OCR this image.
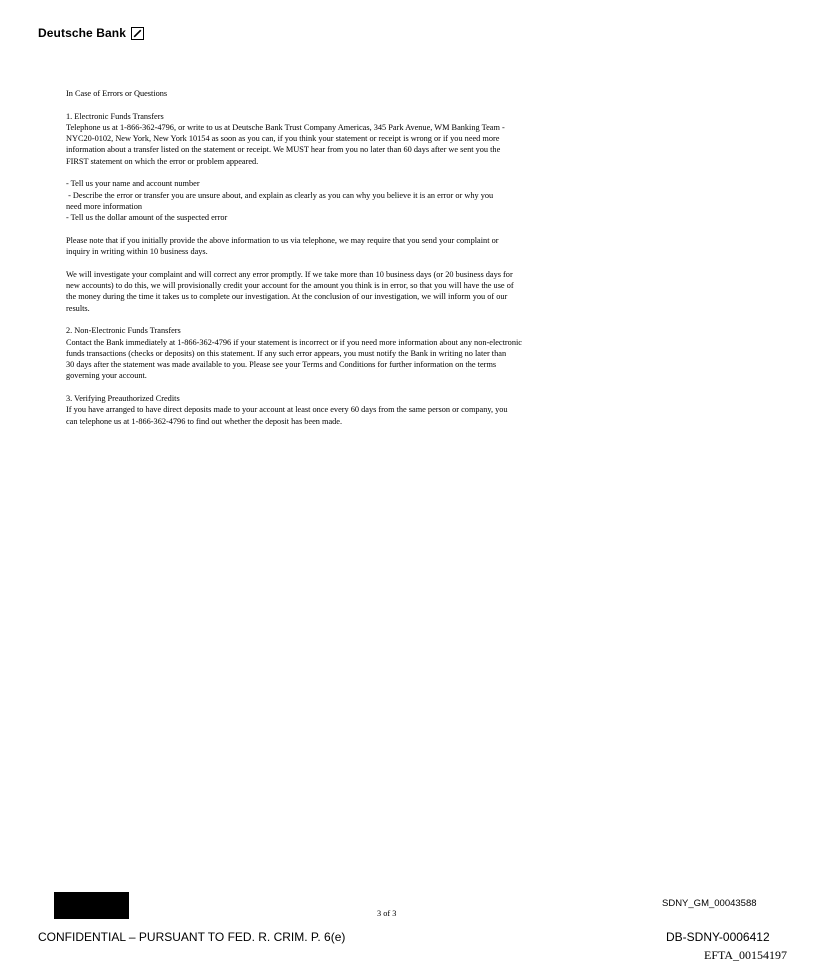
Deutsche Bank
In Case of Errors or Questions
1. Electronic Funds Transfers
Telephone us at 1-866-362-4796, or write to us at Deutsche Bank Trust Company Americas, 345 Park Avenue, WM Banking Team -
NYC20-0102, New York, New York 10154 as soon as you can, if you think your statement or receipt is wrong or if you need more
information about a transfer listed on the statement or receipt. We MUST hear from you no later than 60 days after we sent you the
FIRST statement on which the error or problem appeared.
- Tell us your name and account number
- Describe the error or transfer you are unsure about, and explain as clearly as you can why you believe it is an error or why you
need more information
- Tell us the dollar amount of the suspected error
Please note that if you initially provide the above information to us via telephone, we may require that you send your complaint or
inquiry in writing within 10 business days.
We will investigate your complaint and will correct any error promptly. If we take more than 10 business days (or 20 business days for
new accounts) to do this, we will provisionally credit your account for the amount you think is in error, so that you will have the use of
the money during the time it takes us to complete our investigation. At the conclusion of our investigation, we will inform you of our
results.
2. Non-Electronic Funds Transfers
Contact the Bank immediately at 1-866-362-4796 if your statement is incorrect or if you need more information about any non-electronic
funds transactions (checks or deposits) on this statement. If any such error appears, you must notify the Bank in writing no later than
30 days after the statement was made available to you. Please see your Terms and Conditions for further information on the terms
governing your account.
3. Verifying Preauthorized Credits
If you have arranged to have direct deposits made to your account at least once every 60 days from the same person or company, you
can telephone us at 1-866-362-4796 to find out whether the deposit has been made.
3 of 3
SDNY_GM_00043588
CONFIDENTIAL – PURSUANT TO FED. R. CRIM. P. 6(e)	DB-SDNY-0006412
EFTA_00154197
